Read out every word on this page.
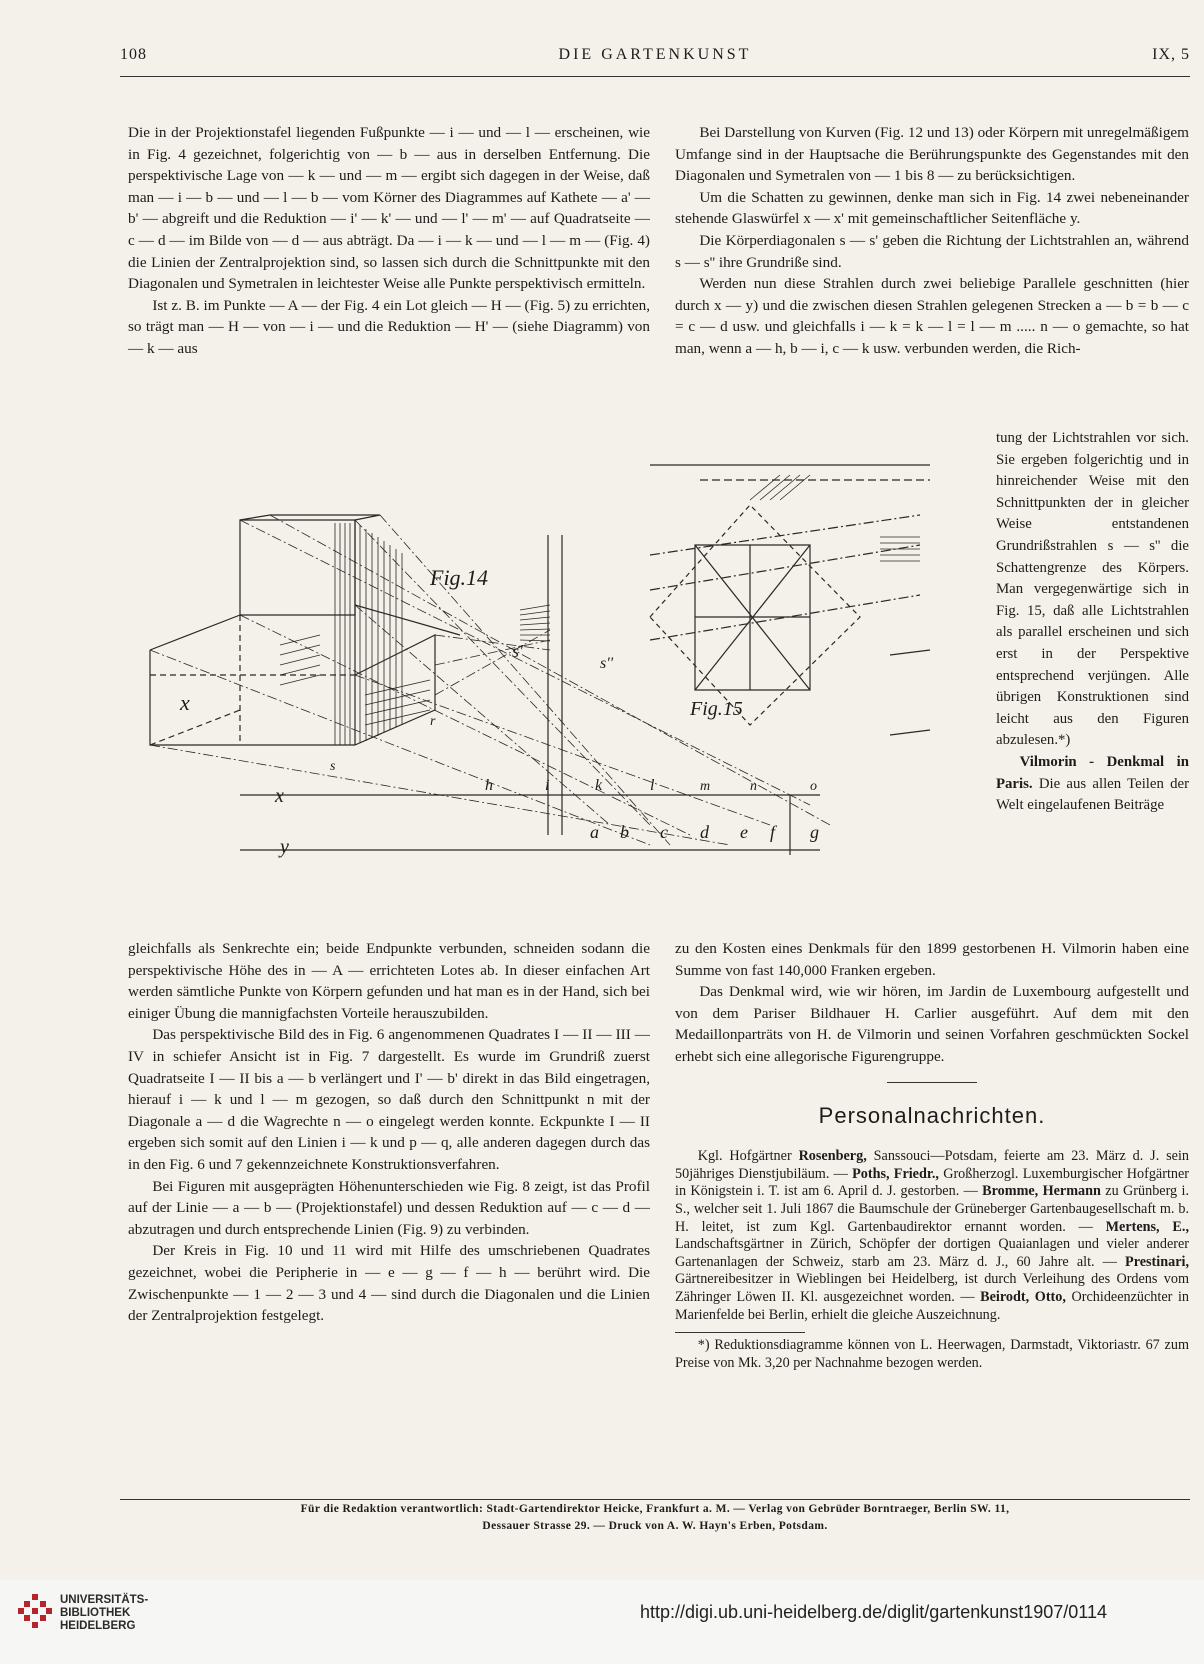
108	DIE GARTENKUNST	IX, 5

Die in der Projektionstafel liegenden Fußpunkte — i — und — l — erscheinen, wie in Fig. 4 gezeichnet, folgerichtig von — b — aus in derselben Entfernung. Die perspektivische Lage von — k — und — m — ergibt sich dagegen in der Weise, daß man — i — b — und — l — b — vom Körner des Diagrammes auf Kathete — a' — b' — abgreift und die Reduktion — i' — k' — und — l' — m' — auf Quadratseite — c — d — im Bilde von — d — aus abträgt. Da — i — k — und — l — m — (Fig. 4) die Linien der Zentralprojektion sind, so lassen sich durch die Schnittpunkte mit den Diagonalen und Symetralen in leichtester Weise alle Punkte perspektivisch ermitteln.

Ist z. B. im Punkte — A — der Fig. 4 ein Lot gleich — H — (Fig. 5) zu errichten, so trägt man — H — von — i — und die Reduktion — H' — (siehe Diagramm) von — k — aus

Bei Darstellung von Kurven (Fig. 12 und 13) oder Körpern mit unregelmäßigem Umfange sind in der Hauptsache die Berührungspunkte des Gegenstandes mit den Diagonalen und Symetralen von — 1 bis 8 — zu berücksichtigen.

Um die Schatten zu gewinnen, denke man sich in Fig. 14 zwei nebeneinander stehende Glaswürfel x — x' mit gemeinschaftlicher Seitenfläche y.

Die Körperdiagonalen s — s' geben die Richtung der Lichtstrahlen an, während s — s'' ihre Grundriße sind.

Werden nun diese Strahlen durch zwei beliebige Parallele geschnitten (hier durch x — y) und die zwischen diesen Strahlen gelegenen Strecken a — b = b — c = c — d usw. und gleichfalls i — k = k — l = l — m ..... n — o gemachte, so hat man, wenn a — h, b — i, c — k usw. verbunden werden, die Rich-

Fig.14
Fig.15
x
x
y
s
s'
s''
a b c d e f g
h	i	k	l	m	n	o
r

tung der Lichtstrahlen vor sich. Sie ergeben folgerichtig und in hinreichender Weise mit den Schnittpunkten der in gleicher Weise entstandenen Grundrißstrahlen s — s'' die Schattengrenze des Körpers. Man vergegenwärtige sich in Fig. 15, daß alle Lichtstrahlen als parallel erscheinen und sich erst in der Perspektive entsprechend verjüngen. Alle übrigen Konstruktionen sind leicht aus den Figuren abzulesen.*)

Vilmorin - Denkmal in Paris. Die aus allen Teilen der Welt eingelaufenen Beiträge

gleichfalls als Senkrechte ein; beide Endpunkte verbunden, schneiden sodann die perspektivische Höhe des in — A — errichteten Lotes ab. In dieser einfachen Art werden sämtliche Punkte von Körpern gefunden und hat man es in der Hand, sich bei einiger Übung die mannigfachsten Vorteile herauszubilden.

Das perspektivische Bild des in Fig. 6 angenommenen Quadrates I — II — III — IV in schiefer Ansicht ist in Fig. 7 dargestellt. Es wurde im Grundriß zuerst Quadratseite I — II bis a — b verlängert und I' — b' direkt in das Bild eingetragen, hierauf i — k und l — m gezogen, so daß durch den Schnittpunkt n mit der Diagonale a — d die Wagrechte n — o eingelegt werden konnte. Eckpunkte I — II ergeben sich somit auf den Linien i — k und p — q, alle anderen dagegen durch das in den Fig. 6 und 7 gekennzeichnete Konstruktionsverfahren.

Bei Figuren mit ausgeprägten Höhenunterschieden wie Fig. 8 zeigt, ist das Profil auf der Linie — a — b — (Projektionstafel) und dessen Reduktion auf — c — d — abzutragen und durch entsprechende Linien (Fig. 9) zu verbinden.

Der Kreis in Fig. 10 und 11 wird mit Hilfe des umschriebenen Quadrates gezeichnet, wobei die Peripherie in — e — g — f — h — berührt wird. Die Zwischenpunkte — 1 — 2 — 3 und 4 — sind durch die Diagonalen und die Linien der Zentralprojektion festgelegt.

zu den Kosten eines Denkmals für den 1899 gestorbenen H. Vilmorin haben eine Summe von fast 140,000 Franken ergeben.

Das Denkmal wird, wie wir hören, im Jardin de Luxembourg aufgestellt und von dem Pariser Bildhauer H. Carlier ausgeführt. Auf dem mit den Medaillonparträts von H. de Vilmorin und seinen Vorfahren geschmückten Sockel erhebt sich eine allegorische Figurengruppe.

Personalnachrichten.

Kgl. Hofgärtner Rosenberg, Sanssouci—Potsdam, feierte am 23. März d. J. sein 50jähriges Dienstjubiläum. — Poths, Friedr., Großherzogl. Luxemburgischer Hofgärtner in Königstein i. T. ist am 6. April d. J. gestorben. — Bromme, Hermann zu Grünberg i. S., welcher seit 1. Juli 1867 die Baumschule der Grüneberger Gartenbaugesellschaft m. b. H. leitet, ist zum Kgl. Gartenbaudirektor ernannt worden. — Mertens, E., Landschaftsgärtner in Zürich, Schöpfer der dortigen Quaianlagen und vieler anderer Gartenanlagen der Schweiz, starb am 23. März d. J., 60 Jahre alt. — Prestinari, Gärtnereibesitzer in Wieblingen bei Heidelberg, ist durch Verleihung des Ordens vom Zähringer Löwen II. Kl. ausgezeichnet worden. — Beirodt, Otto, Orchideenzüchter in Marienfelde bei Berlin, erhielt die gleiche Auszeichnung.

*) Reduktionsdiagramme können von L. Heerwagen, Darmstadt, Viktoriastr. 67 zum Preise von Mk. 3,20 per Nachnahme bezogen werden.

Für die Redaktion verantwortlich: Stadt-Gartendirektor Heicke, Frankfurt a. M. — Verlag von Gebrüder Borntraeger, Berlin SW. 11,
Dessauer Strasse 29. — Druck von A. W. Hayn's Erben, Potsdam.
UNIVERSITÄTS-
BIBLIOTHEK
HEIDELBERG
http://digi.ub.uni-heidelberg.de/diglit/gartenkunst1907/0114
